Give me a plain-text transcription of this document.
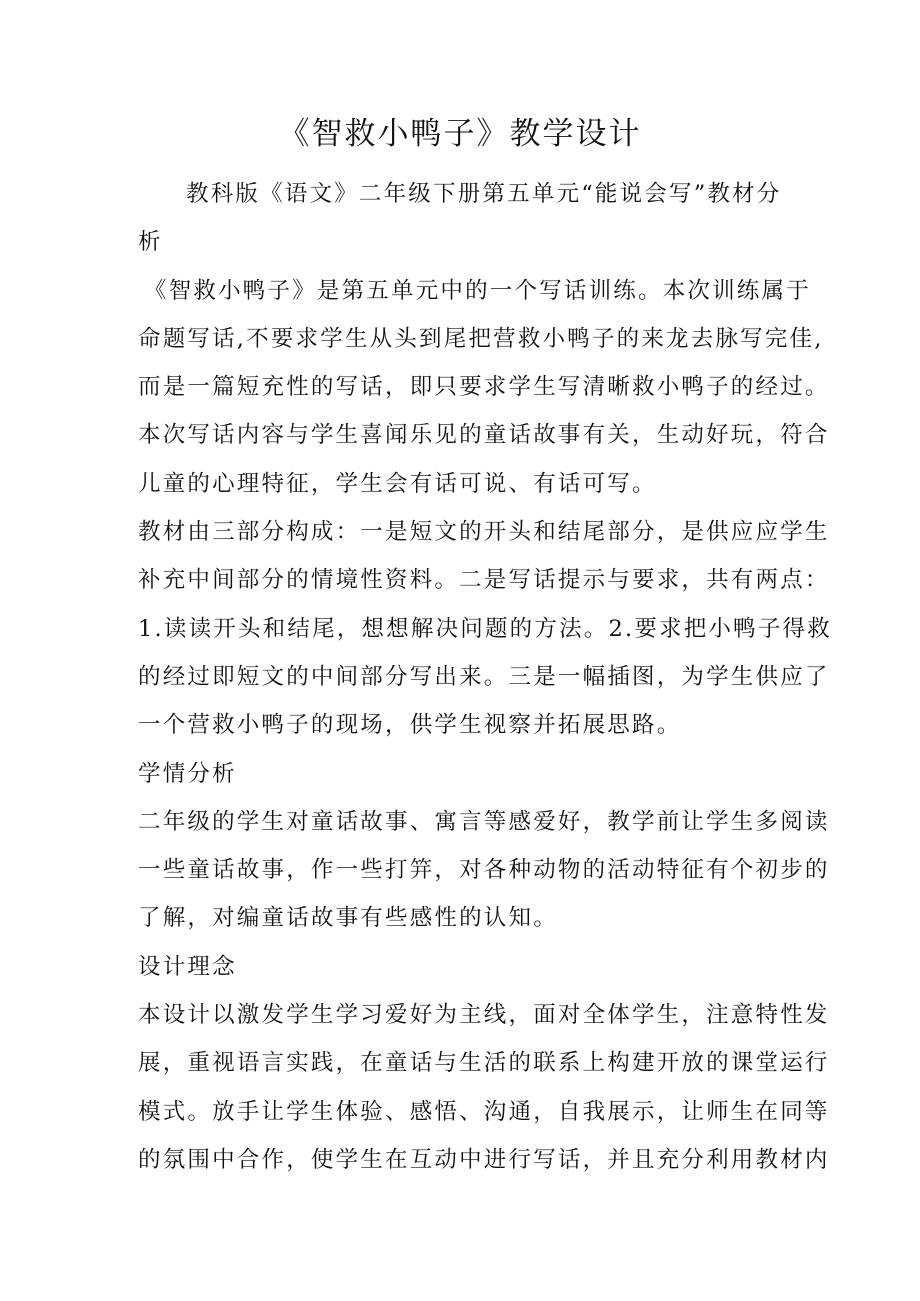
《智救小鸭子》教学设计
教科版《语文》二年级下册第五单元“能说会写”教材分
析
《智救小鸭子》是第五单元中的一个写话训练。本次训练属于
命题写话,不要求学生从头到尾把营救小鸭子的来龙去脉写完佳,
而是一篇短充性的写话，即只要求学生写清晰救小鸭子的经过。
本次写话内容与学生喜闻乐见的童话故事有关，生动好玩，符合
儿童的心理特征，学生会有话可说、有话可写。
教材由三部分构成：一是短文的开头和结尾部分，是供应应学生
补充中间部分的情境性资料。二是写话提示与要求，共有两点：
1.读读开头和结尾，想想解决问题的方法。2.要求把小鸭子得救
的经过即短文的中间部分写出来。三是一幅插图，为学生供应了
一个营救小鸭子的现场，供学生视察并拓展思路。
学情分析
二年级的学生对童话故事、寓言等感爱好，教学前让学生多阅读
一些童话故事，作一些打笄，对各种动物的活动特征有个初步的
了解，对编童话故事有些感性的认知。
设计理念
本设计以激发学生学习爱好为主线，面对全体学生，注意特性发
展，重视语言实践，在童话与生活的联系上构建开放的课堂运行
模式。放手让学生体验、感悟、沟通，自我展示，让师生在同等
的氛围中合作，使学生在互动中进行写话，并且充分利用教材内
